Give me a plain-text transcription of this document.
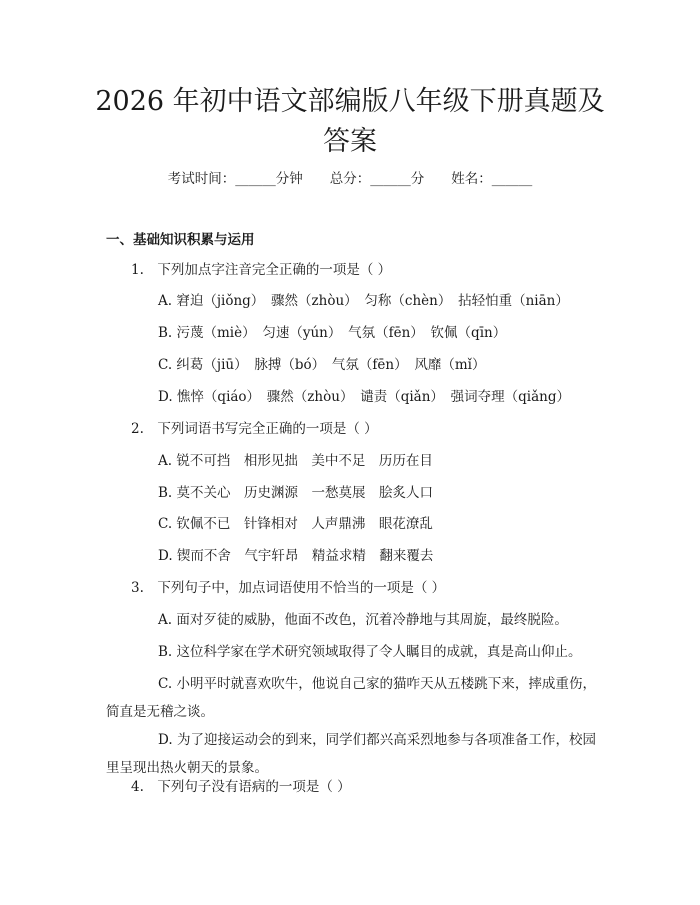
2026 年初中语文部编版八年级下册真题及答案
考试时间：______分钟　　总分：______分　　姓名：______
一、基础知识积累与运用
1.　下列加点字注音完全正确的一项是（ ）
A. 窘迫（jiǒng）　骤然（zhòu）　匀称（chèn）　拈轻怕重（niān）
B. 污蔑（miè）　匀速（yún）　气氛（fēn）　钦佩（qīn）
C. 纠葛（jiū）　脉搏（bó）　气氛（fēn）　风靡（mǐ）
D. 憔悴（qiáo）　骤然（zhòu）　谴责（qiǎn）　强词夺理（qiǎng）
2.　下列词语书写完全正确的一项是（ ）
A. 锐不可挡　相形见拙　美中不足　历历在目
B. 莫不关心　历史渊源　一愁莫展　脍炙人口
C. 钦佩不已　针锋相对　人声鼎沸　眼花潦乱
D. 锲而不舍　气宇轩昂　精益求精　翻来覆去
3.　下列句子中，加点词语使用不恰当的一项是（ ）
A. 面对歹徒的威胁，他面不改色，沉着冷静地与其周旋，最终脱险。
B. 这位科学家在学术研究领域取得了令人瞩目的成就，真是高山仰止。
C. 小明平时就喜欢吹牛，他说自己家的猫咋天从五楼跳下来，摔成重伤，简直是无稽之谈。
D. 为了迎接运动会的到来，同学们都兴高采烈地参与各项准备工作，校园里呈现出热火朝天的景象。
4.　下列句子没有语病的一项是（ ）
